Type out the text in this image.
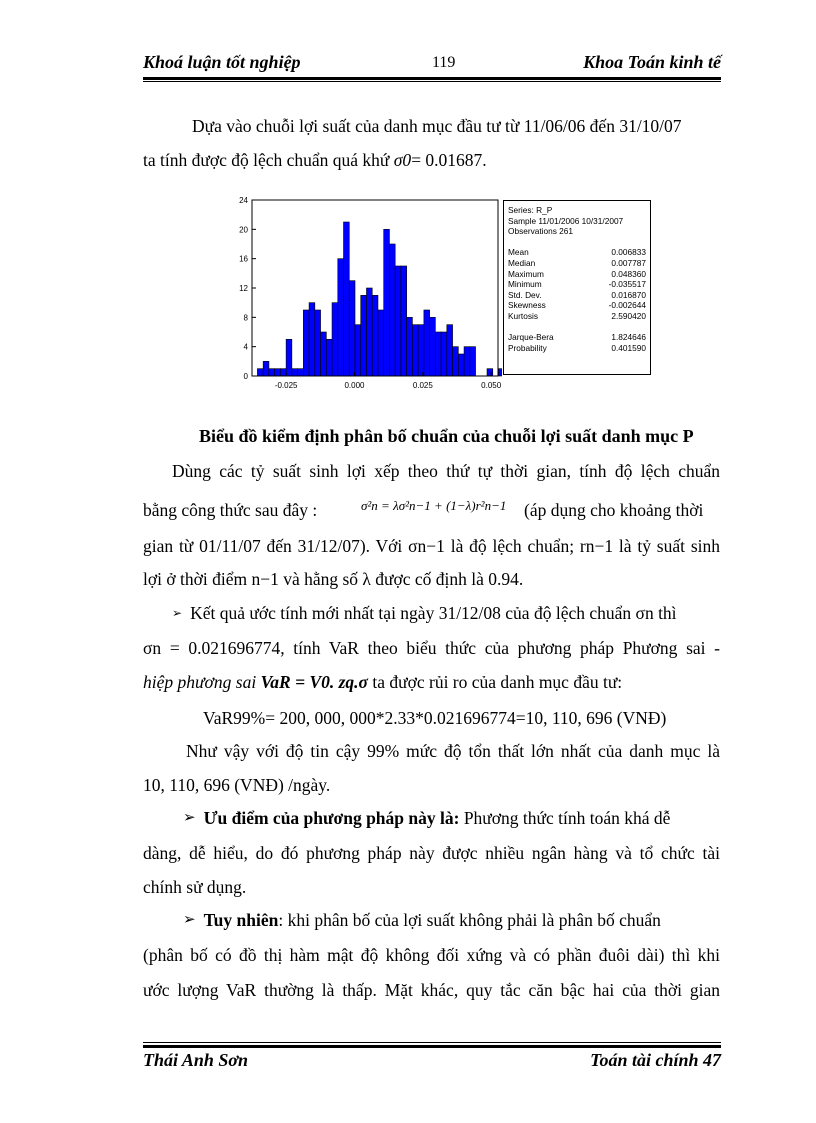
Khoá luận tốt nghiệp	119	Khoa Toán kinh tế
Dựa vào chuỗi lợi suất của danh mục đầu tư từ 11/06/06 đến 31/10/07
ta tính được độ lệch chuẩn quá khứ σ0= 0.01687.
0
4
8
12
16
20
24
-0.025	0.000	0.025	0.050
Series: R_P
Sample 11/01/2006 10/31/2007
Observations 261
Mean	0.006833
Median	0.007787
Maximum	0.048360
Minimum	-0.035517
Std. Dev.	0.016870
Skewness	-0.002644
Kurtosis	2.590420
Jarque-Bera	1.824646
Probability	0.401590
Biểu đồ kiểm định phân bố chuẩn của chuỗi lợi suất danh mục P
Dùng các tỷ suất sinh lợi xếp theo thứ tự thời gian, tính độ lệch chuẩn
bằng công thức sau đây :	σ²n = λσ²n−1 + (1−λ)r²n−1 (áp dụng cho khoảng thời
gian từ 01/11/07 đến 31/12/07). Với σn−1 là độ lệch chuẩn; rn−1 là tỷ suất sinh
lợi ở thời điểm n−1 và hằng số λ được cố định là 0.94.
➢ Kết quả ước tính mới nhất tại ngày 31/12/08 của độ lệch chuẩn σn thì
σn = 0.021696774, tính VaR theo biểu thức của phương pháp Phương sai -
hiệp phương sai VaR = V0. zq.σ ta được rủi ro của danh mục đầu tư:
VaR99%= 200, 000, 000*2.33*0.021696774=10, 110, 696 (VNĐ)
Như vậy với độ tin cậy 99% mức độ tổn thất lớn nhất của danh mục là
10, 110, 696 (VNĐ) /ngày.
➢ Ưu điểm của phương pháp này là: Phương thức tính toán khá dễ
dàng, dễ hiểu, do đó phương pháp này được nhiều ngân hàng và tổ chức tài
chính sử dụng.
➢ Tuy nhiên: khi phân bố của lợi suất không phải là phân bố chuẩn
(phân bố có đồ thị hàm mật độ không đối xứng và có phần đuôi dài) thì khi
ước lượng VaR thường là thấp. Mặt khác, quy tắc căn bậc hai của thời gian
Thái Anh Sơn	Toán tài chính 47
